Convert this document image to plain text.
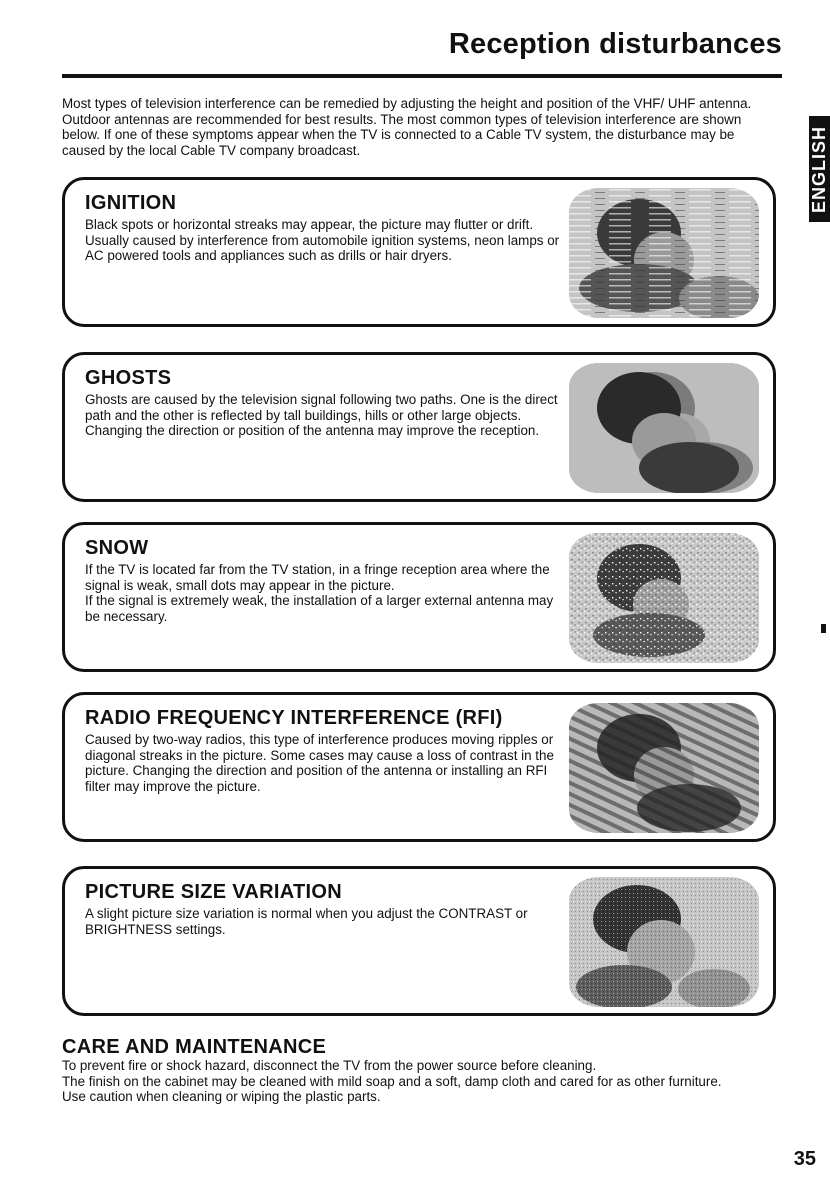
Reception disturbances

Most types of television interference can be remedied by adjusting the height and position of the VHF/ UHF antenna. Outdoor antennas are recommended for best results. The most common types of television interference are shown below. If one of these symptoms appear when the TV is connected to a Cable TV system, the disturbance may be caused by the local Cable TV company broadcast.	ENGLISH
IGNITION

Black spots or horizontal streaks may appear, the picture may flutter or drift. Usually caused by interference from automobile ignition systems, neon lamps or AC powered tools and appliances such as drills or hair dryers.

GHOSTS

Ghosts are caused by the television signal following two paths. One is the direct path and the other is reflected by tall buildings, hills or other large objects. Changing the direction or position of the antenna may improve the reception.

SNOW

If the TV is located far from the TV station, in a fringe reception area where the signal is weak, small dots may appear in the picture.
If the signal is extremely weak, the installation of a larger external antenna may be necessary.

RADIO FREQUENCY INTERFERENCE (RFI)

Caused by two-way radios, this type of interference produces moving ripples or diagonal streaks in the picture. Some cases may cause a loss of contrast in the picture. Changing the direction and position of the antenna or installing an RFI filter may improve the picture.

PICTURE SIZE VARIATION

A slight picture size variation is normal when you adjust the CONTRAST or BRIGHTNESS settings.

CARE AND MAINTENANCE

To prevent fire or shock hazard, disconnect the TV from the power source before cleaning.
The finish on the cabinet may be cleaned with mild soap and a soft, damp cloth and cared for as other furniture.
Use caution when cleaning or wiping the plastic parts.

35
